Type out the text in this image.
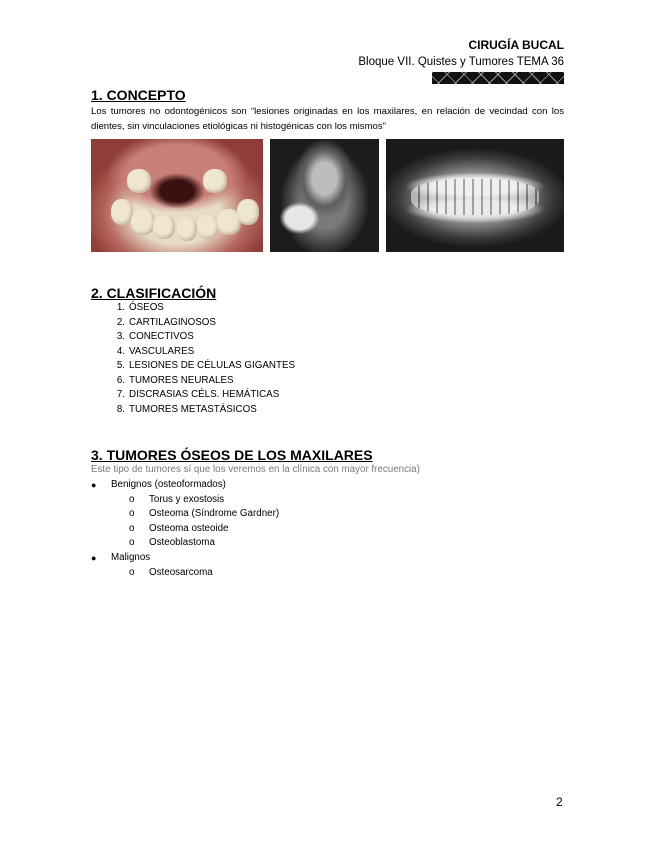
CIRUGÍA BUCAL
Bloque VII. Quistes y Tumores TEMA 36
1. CONCEPTO
Los tumores no odontogénicos son “lesiones originadas en los maxilares, en relación de vecindad con los dientes, sin vinculaciones etiológicas ni histogénicas con los mismos”
2. CLASIFICACIÓN
1. ÓSEOS
2. CARTILAGINOSOS
3. CONECTIVOS
4. VASCULARES
5. LESIONES DE CÉLULAS GIGANTES
6. TUMORES NEURALES
7. DISCRASIAS CÉLS. HEMÁTICAS
8. TUMORES METASTÁSICOS
3. TUMORES ÓSEOS DE LOS MAXILARES
Este tipo de tumores sí que los veremos en la clínica con mayor frecuencia)
●	Benignos (osteoformados)
o	Torus y exostosis
o	Osteoma (Síndrome Gardner)
o	Osteoma osteoide
o	Osteoblastoma
●	Malignos
o	Osteosarcoma
2
